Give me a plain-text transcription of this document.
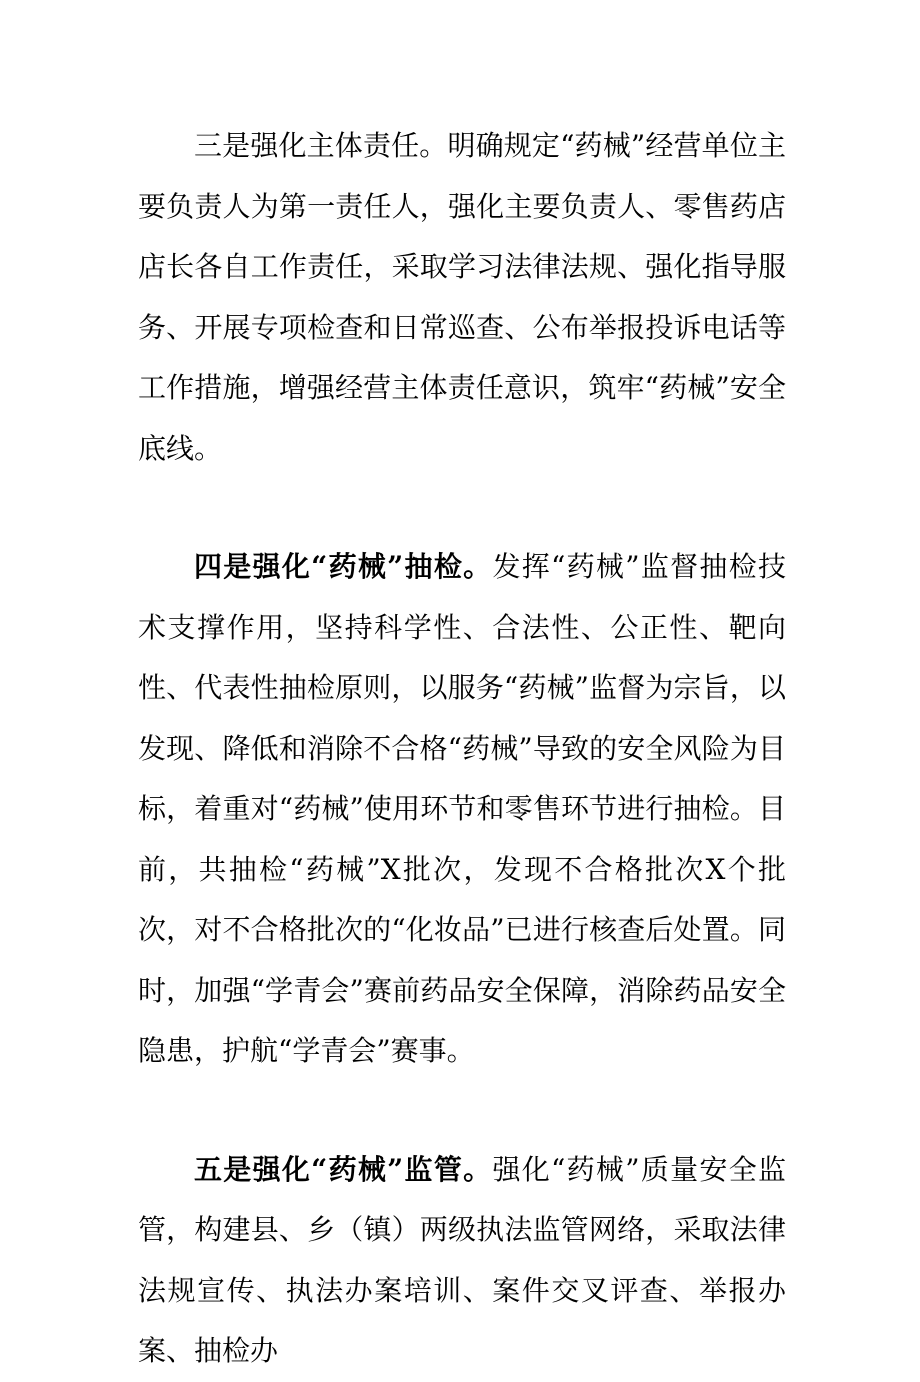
三是强化主体责任。明确规定“药械”经营单位主要负责人为第一责任人，强化主要负责人、零售药店店长各自工作责任，采取学习法律法规、强化指导服务、开展专项检查和日常巡查、公布举报投诉电话等工作措施，增强经营主体责任意识，筑牢“药械”安全底线。

四是强化“药械”抽检。发挥“药械”监督抽检技术支撑作用，坚持科学性、合法性、公正性、靶向性、代表性抽检原则，以服务“药械”监督为宗旨，以发现、降低和消除不合格“药械”导致的安全风险为目标，着重对“药械”使用环节和零售环节进行抽检。目前，共抽检“药械”X批次，发现不合格批次X个批次，对不合格批次的“化妆品”已进行核查后处置。同时，加强“学青会”赛前药品安全保障，消除药品安全隐患，护航“学青会”赛事。

五是强化“药械”监管。强化“药械”质量安全监管，构建县、乡（镇）两级执法监管网络，采取法律法规宣传、执法办案培训、案件交叉评查、举报办案、抽检办
